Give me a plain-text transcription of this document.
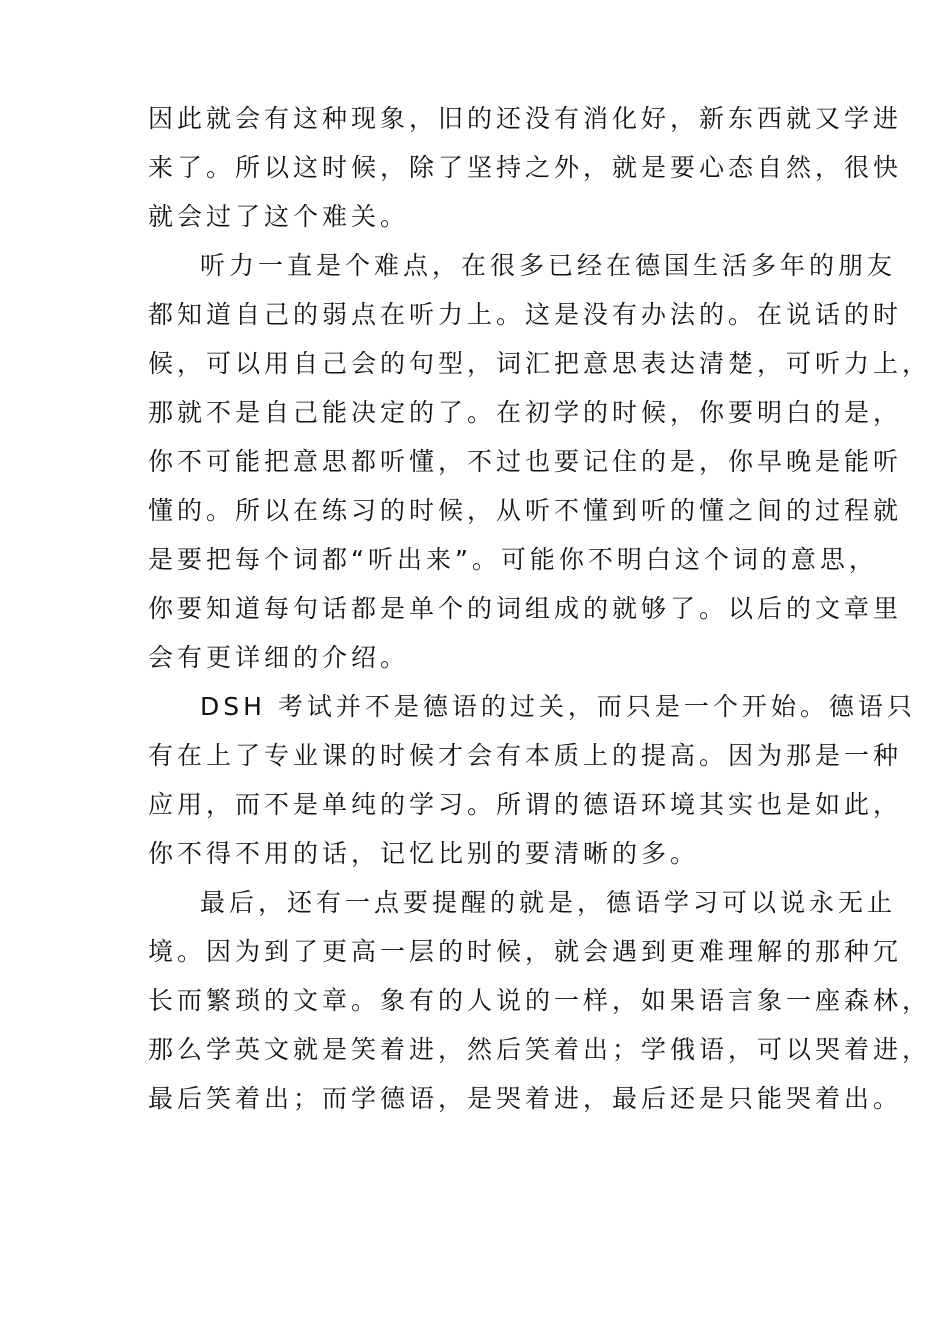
因此就会有这种现象，旧的还没有消化好，新东西就又学进
来了。所以这时候，除了坚持之外，就是要心态自然，很快
就会过了这个难关。
听力一直是个难点，在很多已经在德国生活多年的朋友
都知道自己的弱点在听力上。这是没有办法的。在说话的时
候，可以用自己会的句型，词汇把意思表达清楚，可听力上，
那就不是自己能决定的了。在初学的时候，你要明白的是，
你不可能把意思都听懂，不过也要记住的是，你早晚是能听
懂的。所以在练习的时候，从听不懂到听的懂之间的过程就
是要把每个词都“听出来”。可能你不明白这个词的意思，
你要知道每句话都是单个的词组成的就够了。以后的文章里
会有更详细的介绍。
DSH 考试并不是德语的过关，而只是一个开始。德语只
有在上了专业课的时候才会有本质上的提高。因为那是一种
应用，而不是单纯的学习。所谓的德语环境其实也是如此，
你不得不用的话，记忆比别的要清晰的多。
最后，还有一点要提醒的就是，德语学习可以说永无止
境。因为到了更高一层的时候，就会遇到更难理解的那种冗
长而繁琐的文章。象有的人说的一样，如果语言象一座森林，
那么学英文就是笑着进，然后笑着出；学俄语，可以哭着进，
最后笑着出；而学德语，是哭着进，最后还是只能哭着出。
